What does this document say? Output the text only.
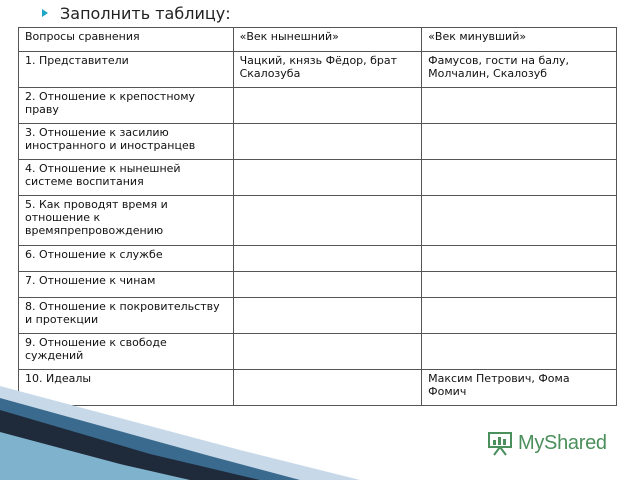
Заполнить таблицу:
Вопросы сравнения	«Век нынешний»	«Век минувший»
1. Представители	Чацкий, князь Фёдор, брат Скалозуба	Фамусов, гости на балу, Молчалин, Скалозуб
2. Отношение к крепостному праву		
3. Отношение к засилию иностранного и иностранцев		
4. Отношение к нынешней системе воспитания		
5. Как проводят время и отношение к времяпрепровождению		
6. Отношение к службе		
7. Отношение к чинам		
8. Отношение к покровительству и протекции		
9. Отношение к свободе суждений		
10. Идеалы		Максим Петрович, Фома Фомич
MyShared
